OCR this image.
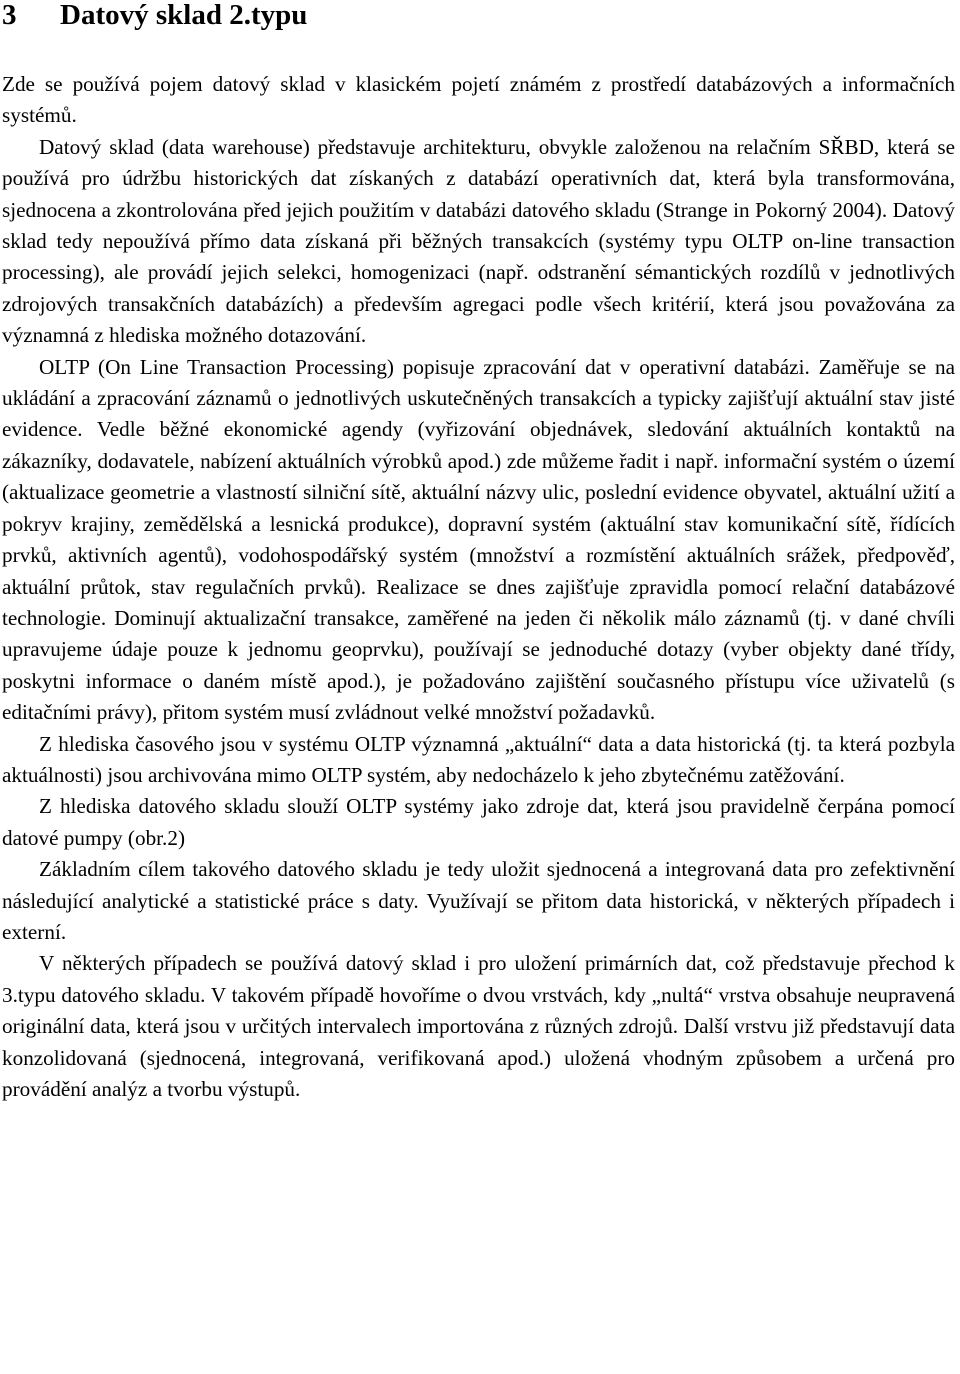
3 Datový sklad 2.typu

Zde se používá pojem datový sklad v klasickém pojetí známém z prostředí databázových a informačních systémů.

Datový sklad (data warehouse) představuje architekturu, obvykle založenou na relačním SŘBD, která se používá pro údržbu historických dat získaných z databází operativních dat, která byla transformována, sjednocena a zkontrolována před jejich použitím v databázi datového skladu (Strange in Pokorný 2004). Datový sklad tedy nepoužívá přímo data získaná při běžných transakcích (systémy typu OLTP on-line transaction processing), ale provádí jejich selekci, homogenizaci (např. odstranění sémantických rozdílů v jednotlivých zdrojových transakčních databázích) a především agregaci podle všech kritérií, která jsou považována za významná z hlediska možného dotazování.

OLTP (On Line Transaction Processing) popisuje zpracování dat v operativní databázi. Zaměřuje se na ukládání a zpracování záznamů o jednotlivých uskutečněných transakcích a typicky zajišťují aktuální stav jisté evidence. Vedle běžné ekonomické agendy (vyřizování objednávek, sledování aktuálních kontaktů na zákazníky, dodavatele, nabízení aktuálních výrobků apod.) zde můžeme řadit i např. informační systém o území (aktualizace geometrie a vlastností silniční sítě, aktuální názvy ulic, poslední evidence obyvatel, aktuální užití a pokryv krajiny, zemědělská a lesnická produkce), dopravní systém (aktuální stav komunikační sítě, řídících prvků, aktivních agentů), vodohospodářský systém (množství a rozmístění aktuálních srážek, předpověď, aktuální průtok, stav regulačních prvků). Realizace se dnes zajišťuje zpravidla pomocí relační databázové technologie. Dominují aktualizační transakce, zaměřené na jeden či několik málo záznamů (tj. v dané chvíli upravujeme údaje pouze k jednomu geoprvku), používají se jednoduché dotazy (vyber objekty dané třídy, poskytni informace o daném místě apod.), je požadováno zajištění současného přístupu více uživatelů (s editačními právy), přitom systém musí zvládnout velké množství požadavků.

Z hlediska časového jsou v systému OLTP významná „aktuální“ data a data historická (tj. ta která pozbyla aktuálnosti) jsou archivována mimo OLTP systém, aby nedocházelo k jeho zbytečnému zatěžování.

Z hlediska datového skladu slouží OLTP systémy jako zdroje dat, která jsou pravidelně čerpána pomocí datové pumpy (obr.2)

Základním cílem takového datového skladu je tedy uložit sjednocená a integrovaná data pro zefektivnění následující analytické a statistické práce s daty. Využívají se přitom data historická, v některých případech i externí.

V některých případech se používá datový sklad i pro uložení primárních dat, což představuje přechod k 3.typu datového skladu. V takovém případě hovoříme o dvou vrstvách, kdy „nultá“ vrstva obsahuje neupravená originální data, která jsou v určitých intervalech importována z různých zdrojů. Další vrstvu již představují data konzolidovaná (sjednocená, integrovaná, verifikovaná apod.) uložená vhodným způsobem a určená pro provádění analýz a tvorbu výstupů.
